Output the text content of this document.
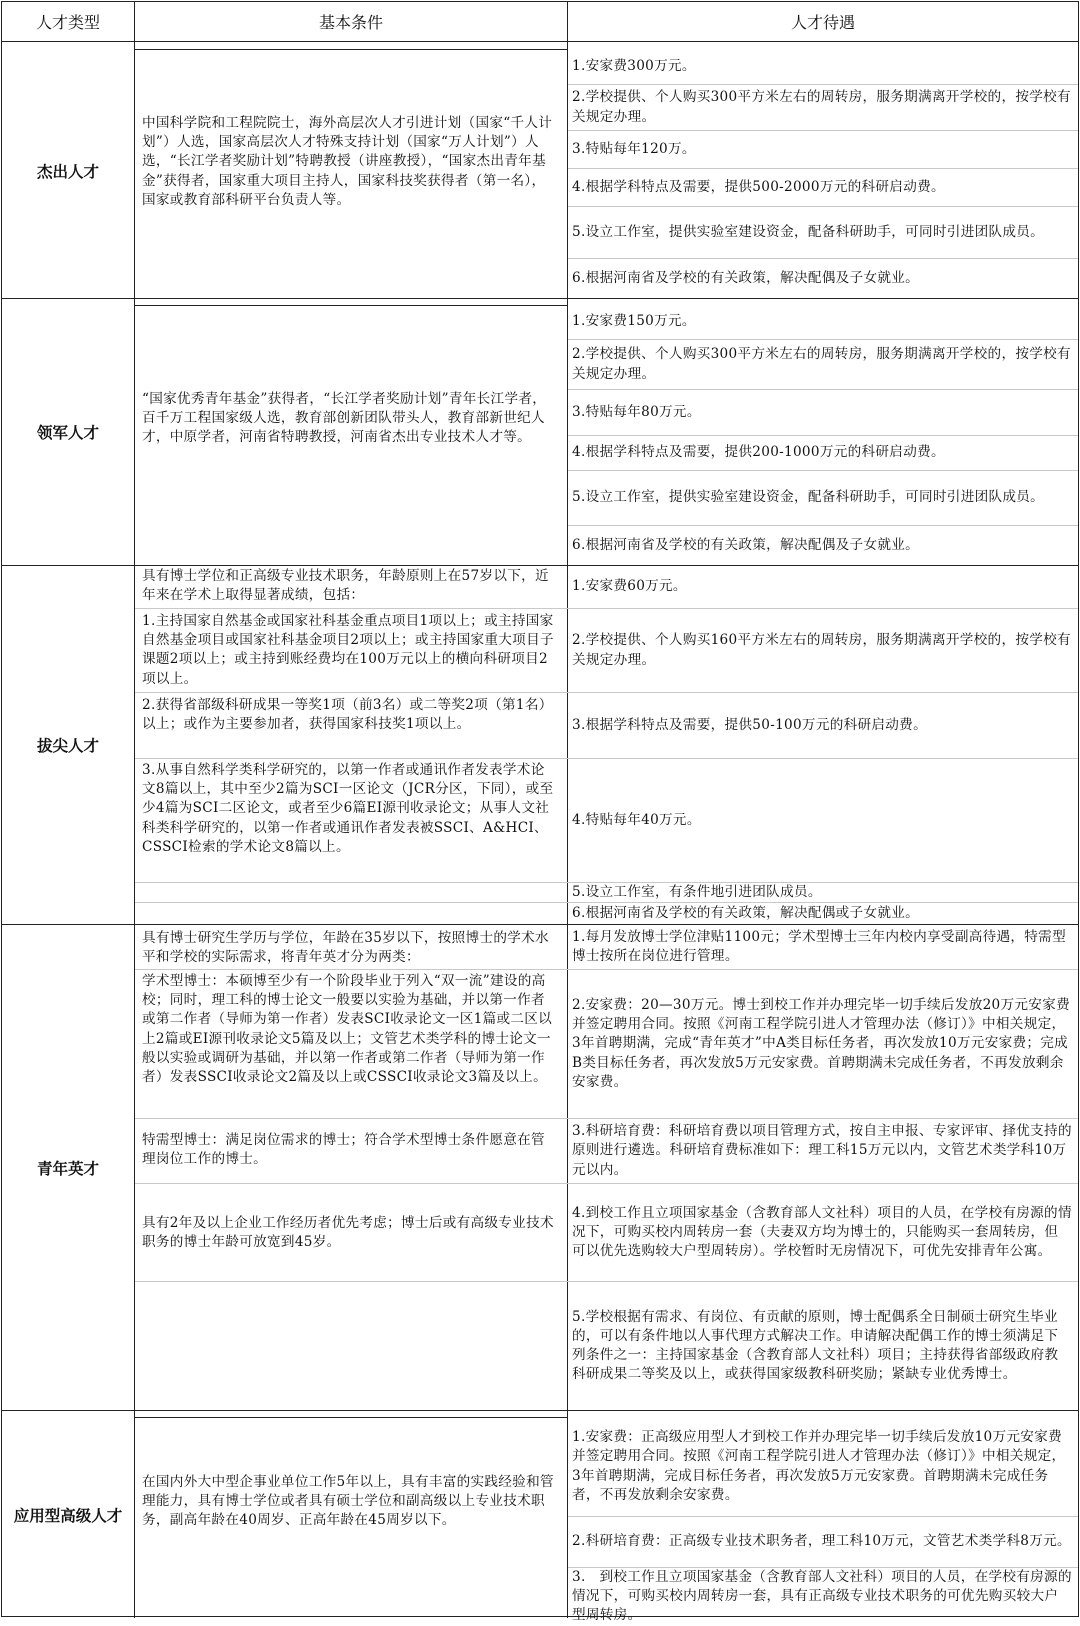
人才类型	基本条件	人才待遇
杰出人才
中国科学院和工程院院士，海外高层次人才引进计划（国家“千人计划”）人选，国家高层次人才特殊支持计划（国家“万人计划”）人选，“长江学者奖励计划”特聘教授（讲座教授），“国家杰出青年基金”获得者，国家重大项目主持人，国家科技奖获得者（第一名），国家或教育部科研平台负责人等。
1.安家费300万元。
2.学校提供、个人购买300平方米左右的周转房，服务期满离开学校的，按学校有关规定办理。
3.特贴每年120万。
4.根据学科特点及需要，提供500-2000万元的科研启动费。
5.设立工作室，提供实验室建设资金，配备科研助手，可同时引进团队成员。
6.根据河南省及学校的有关政策，解决配偶及子女就业。
领军人才
“国家优秀青年基金”获得者，“长江学者奖励计划”青年长江学者，百千万工程国家级人选，教育部创新团队带头人，教育部新世纪人才，中原学者，河南省特聘教授，河南省杰出专业技术人才等。
1.安家费150万元。
2.学校提供、个人购买300平方米左右的周转房，服务期满离开学校的，按学校有关规定办理。
3.特贴每年80万元。
4.根据学科特点及需要，提供200-1000万元的科研启动费。
5.设立工作室，提供实验室建设资金，配备科研助手，可同时引进团队成员。
6.根据河南省及学校的有关政策，解决配偶及子女就业。
拔尖人才
具有博士学位和正高级专业技术职务，年龄原则上在57岁以下，近年来在学术上取得显著成绩，包括：
1.主持国家自然基金或国家社科基金重点项目1项以上；或主持国家自然基金项目或国家社科基金项目2项以上；或主持国家重大项目子课题2项以上；或主持到账经费均在100万元以上的横向科研项目2项以上。
2.获得省部级科研成果一等奖1项（前3名）或二等奖2项（第1名）以上；或作为主要参加者，获得国家科技奖1项以上。
3.从事自然科学类科学研究的，以第一作者或通讯作者发表学术论文8篇以上，其中至少2篇为SCI一区论文（JCR分区，下同），或至少4篇为SCI二区论文，或者至少6篇EI源刊收录论文；从事人文社科类科学研究的，以第一作者或通讯作者发表被SSCI、A&HCI、CSSCI检索的学术论文8篇以上。
1.安家费60万元。
2.学校提供、个人购买160平方米左右的周转房，服务期满离开学校的，按学校有关规定办理。
3.根据学科特点及需要，提供50-100万元的科研启动费。
4.特贴每年40万元。
5.设立工作室，有条件地引进团队成员。
6.根据河南省及学校的有关政策，解决配偶或子女就业。
青年英才
具有博士研究生学历与学位，年龄在35岁以下，按照博士的学术水平和学校的实际需求，将青年英才分为两类：
学术型博士：本硕博至少有一个阶段毕业于列入“双一流”建设的高校；同时，理工科的博士论文一般要以实验为基础，并以第一作者或第二作者（导师为第一作者）发表SCI收录论文一区1篇或二区以上2篇或EI源刊收录论文5篇及以上；文管艺术类学科的博士论文一般以实验或调研为基础，并以第一作者或第二作者（导师为第一作者）发表SSCI收录论文2篇及以上或CSSCI收录论文3篇及以上。
特需型博士：满足岗位需求的博士；符合学术型博士条件愿意在管理岗位工作的博士。
具有2年及以上企业工作经历者优先考虑；博士后或有高级专业技术职务的博士年龄可放宽到45岁。
1.每月发放博士学位津贴1100元；学术型博士三年内校内享受副高待遇，特需型博士按所在岗位进行管理。
2.安家费：20—30万元。博士到校工作并办理完毕一切手续后发放20万元安家费并签定聘用合同。按照《河南工程学院引进人才管理办法（修订）》中相关规定，3年首聘期满，完成“青年英才”中A类目标任务者，再次发放10万元安家费；完成B类目标任务者，再次发放5万元安家费。首聘期满未完成任务者，不再发放剩余安家费。
3.科研培育费：科研培育费以项目管理方式，按自主申报、专家评审、择优支持的原则进行遴选。科研培育费标准如下：理工科15万元以内，文管艺术类学科10万元以内。
4.到校工作且立项国家基金（含教育部人文社科）项目的人员，在学校有房源的情况下，可购买校内周转房一套（夫妻双方均为博士的，只能购买一套周转房，但可以优先选购较大户型周转房）。学校暂时无房情况下，可优先安排青年公寓。
5.学校根据有需求、有岗位、有贡献的原则，博士配偶系全日制硕士研究生毕业的，可以有条件地以人事代理方式解决工作。申请解决配偶工作的博士须满足下列条件之一：主持国家基金（含教育部人文社科）项目；主持获得省部级政府教科研成果二等奖及以上，或获得国家级教科研奖励；紧缺专业优秀博士。
应用型高级人才
在国内外大中型企事业单位工作5年以上，具有丰富的实践经验和管理能力，具有博士学位或者具有硕士学位和副高级以上专业技术职务，副高年龄在40周岁、正高年龄在45周岁以下。
1.安家费：正高级应用型人才到校工作并办理完毕一切手续后发放10万元安家费并签定聘用合同。按照《河南工程学院引进人才管理办法（修订）》中相关规定，3年首聘期满，完成目标任务者，再次发放5万元安家费。首聘期满未完成任务者，不再发放剩余安家费。
2.科研培育费：正高级专业技术职务者，理工科10万元，文管艺术类学科8万元。
3.　到校工作且立项国家基金（含教育部人文社科）项目的人员，在学校有房源的情况下，可购买校内周转房一套，具有正高级专业技术职务的可优先购买较大户型周转房。
